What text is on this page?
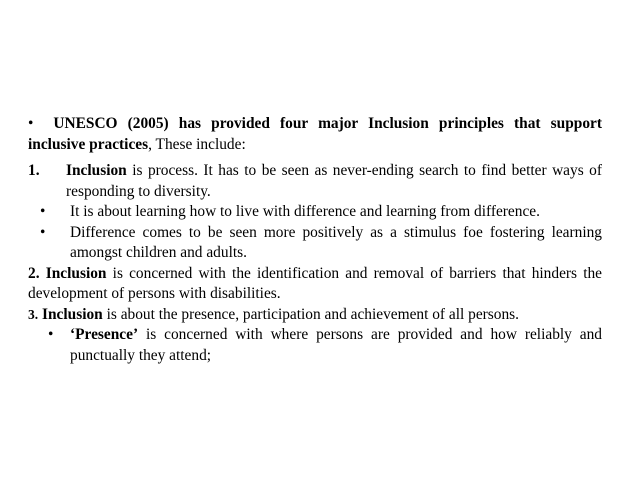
• UNESCO (2005) has provided four major Inclusion principles that support inclusive practices, These include:
1.	Inclusion is process. It has to be seen as never-ending search to find better ways of responding to diversity.
•	It is about learning how to live with difference and learning from difference.
•	Difference comes to be seen more positively as a stimulus foe fostering learning amongst children and adults.
2. Inclusion is concerned with the identification and removal of barriers that hinders the development of persons with disabilities.
3. Inclusion is about the presence, participation and achievement of all persons.
•	‘Presence’ is concerned with where persons are provided and how reliably and punctually they attend;
